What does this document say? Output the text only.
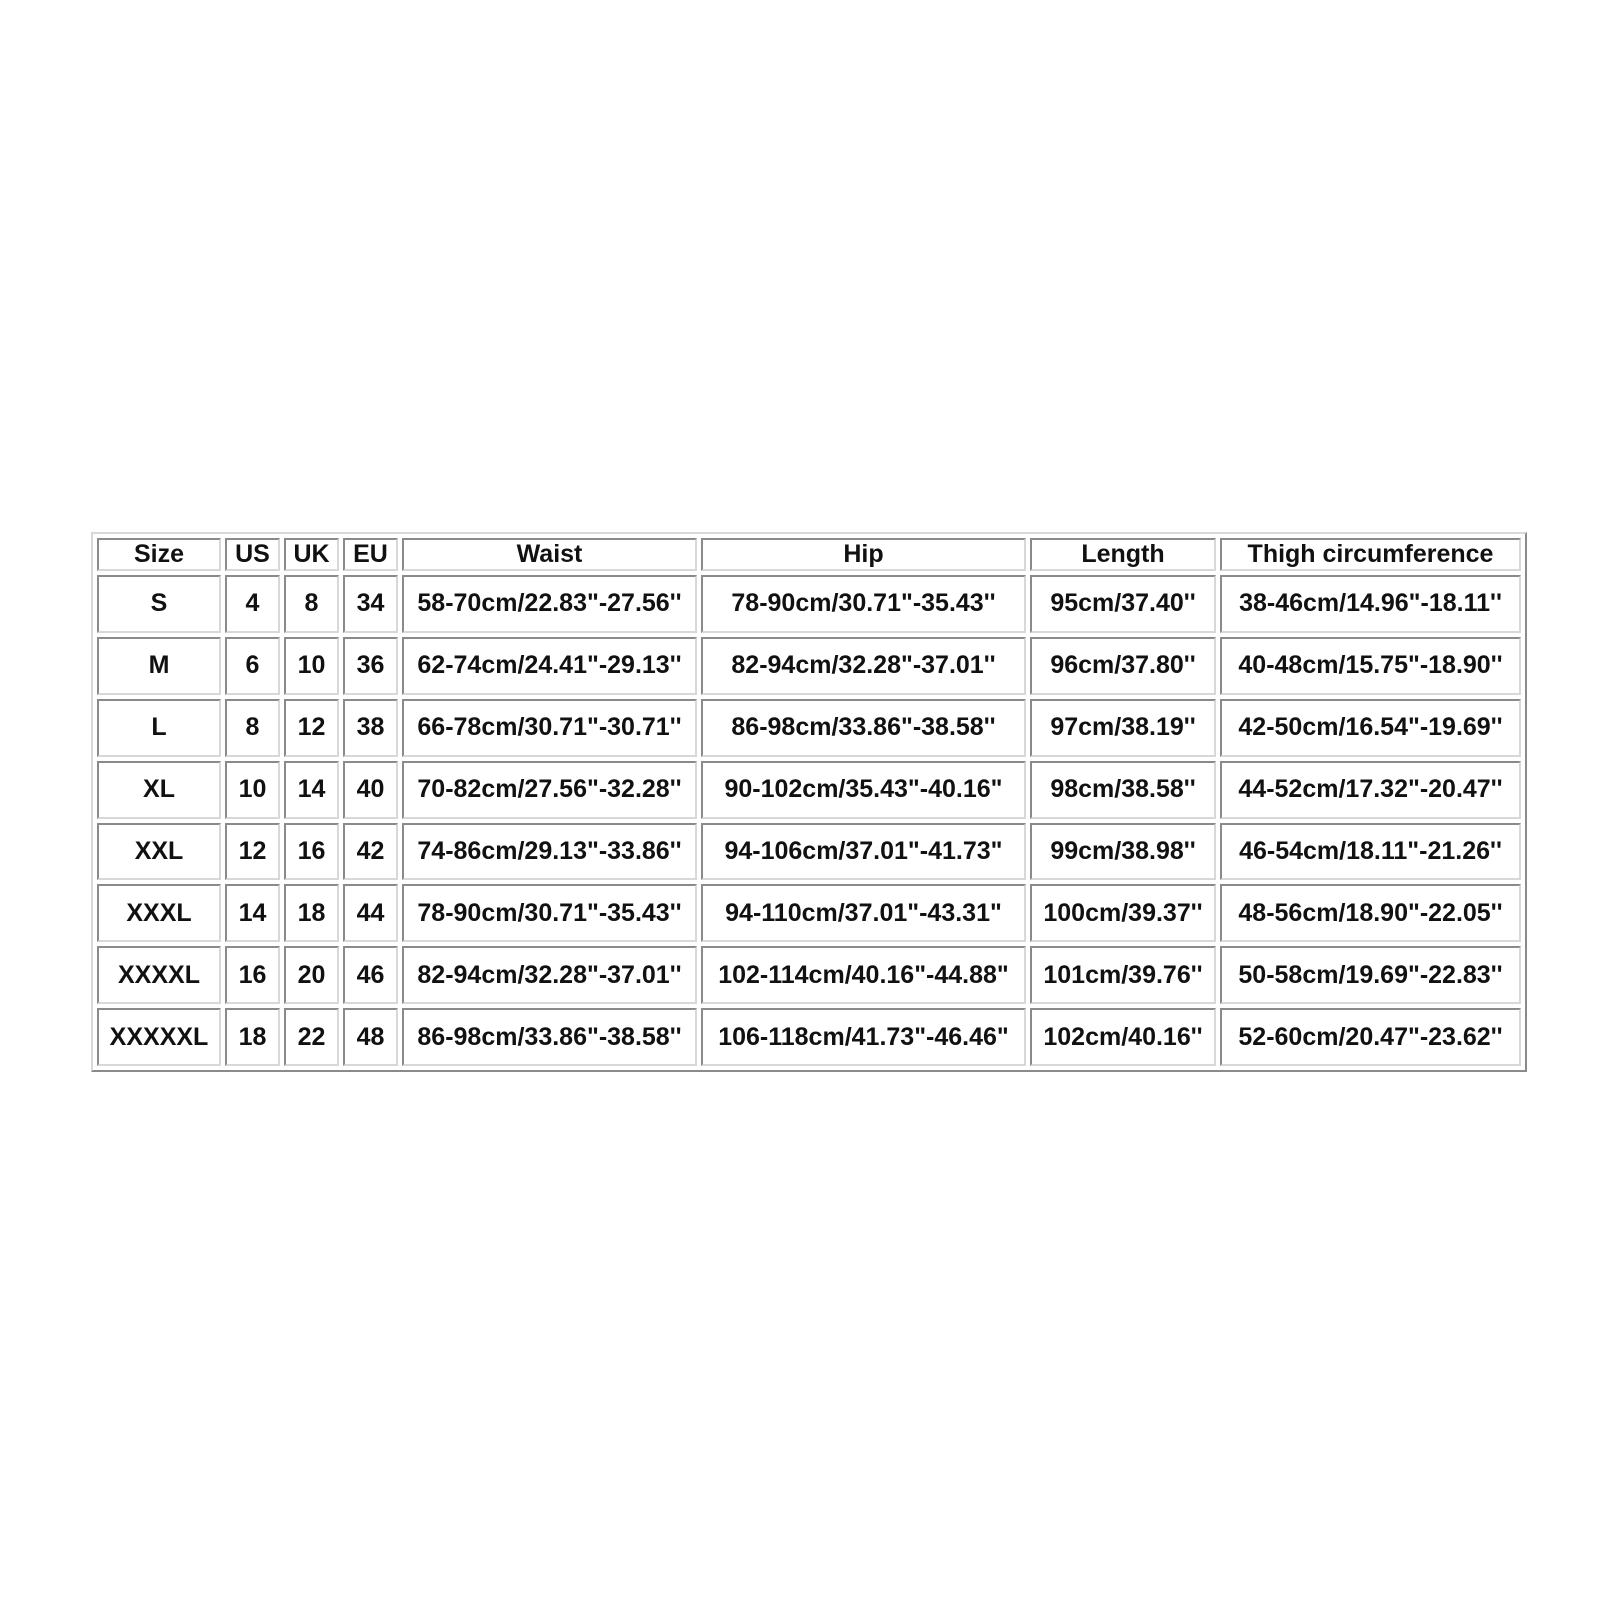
Size	US	UK	EU	Waist	Hip	Length	Thigh circumference
S	4	8	34	58-70cm/22.83"-27.56''	78-90cm/30.71"-35.43''	95cm/37.40''	38-46cm/14.96"-18.11''
M	6	10	36	62-74cm/24.41"-29.13''	82-94cm/32.28"-37.01''	96cm/37.80''	40-48cm/15.75"-18.90''
L	8	12	38	66-78cm/30.71"-30.71''	86-98cm/33.86"-38.58''	97cm/38.19''	42-50cm/16.54"-19.69''
XL	10	14	40	70-82cm/27.56"-32.28''	90-102cm/35.43"-40.16"	98cm/38.58''	44-52cm/17.32"-20.47''
XXL	12	16	42	74-86cm/29.13"-33.86''	94-106cm/37.01"-41.73"	99cm/38.98''	46-54cm/18.11"-21.26''
XXXL	14	18	44	78-90cm/30.71"-35.43''	94-110cm/37.01"-43.31"	100cm/39.37''	48-56cm/18.90"-22.05''
XXXXL	16	20	46	82-94cm/32.28"-37.01''	102-114cm/40.16"-44.88"	101cm/39.76''	50-58cm/19.69"-22.83''
XXXXXL	18	22	48	86-98cm/33.86"-38.58''	106-118cm/41.73"-46.46"	102cm/40.16''	52-60cm/20.47"-23.62''
